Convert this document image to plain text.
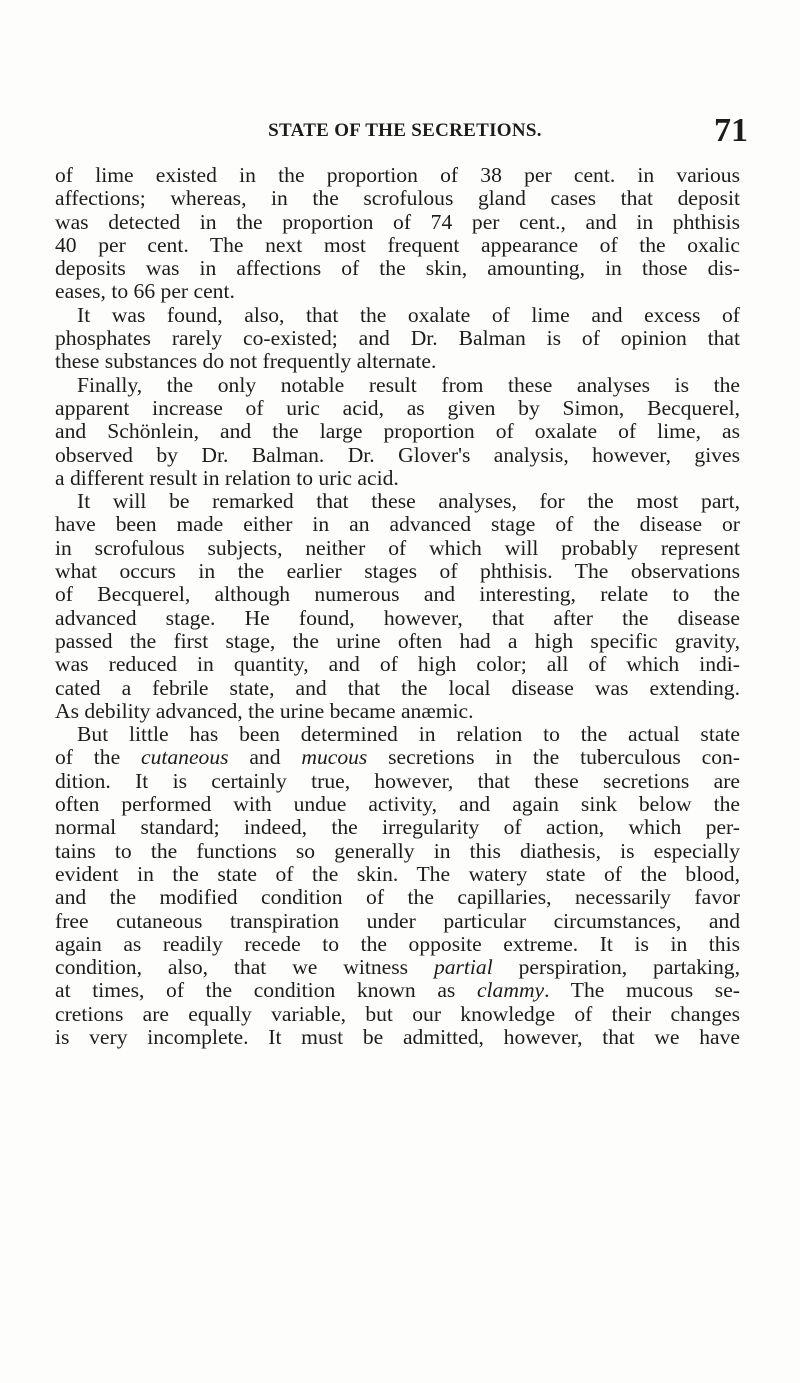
STATE OF THE SECRETIONS.	71
of lime existed in the proportion of 38 per cent. in various
affections; whereas, in the scrofulous gland cases that deposit
was detected in the proportion of 74 per cent., and in phthisis
40 per cent. The next most frequent appearance of the oxalic
deposits was in affections of the skin, amounting, in those dis-
eases, to 66 per cent.
It was found, also, that the oxalate of lime and excess of
phosphates rarely co-existed; and Dr. Balman is of opinion that
these substances do not frequently alternate.
Finally, the only notable result from these analyses is the
apparent increase of uric acid, as given by Simon, Becquerel,
and Schönlein, and the large proportion of oxalate of lime, as
observed by Dr. Balman. Dr. Glover's analysis, however, gives
a different result in relation to uric acid.
It will be remarked that these analyses, for the most part,
have been made either in an advanced stage of the disease or
in scrofulous subjects, neither of which will probably represent
what occurs in the earlier stages of phthisis. The observations
of Becquerel, although numerous and interesting, relate to the
advanced stage. He found, however, that after the disease
passed the first stage, the urine often had a high specific gravity,
was reduced in quantity, and of high color; all of which indi-
cated a febrile state, and that the local disease was extending.
As debility advanced, the urine became anæmic.
But little has been determined in relation to the actual state
of the cutaneous and mucous secretions in the tuberculous con-
dition. It is certainly true, however, that these secretions are
often performed with undue activity, and again sink below the
normal standard; indeed, the irregularity of action, which per-
tains to the functions so generally in this diathesis, is especially
evident in the state of the skin. The watery state of the blood,
and the modified condition of the capillaries, necessarily favor
free cutaneous transpiration under particular circumstances, and
again as readily recede to the opposite extreme. It is in this
condition, also, that we witness partial perspiration, partaking,
at times, of the condition known as clammy. The mucous se-
cretions are equally variable, but our knowledge of their changes
is very incomplete. It must be admitted, however, that we have
